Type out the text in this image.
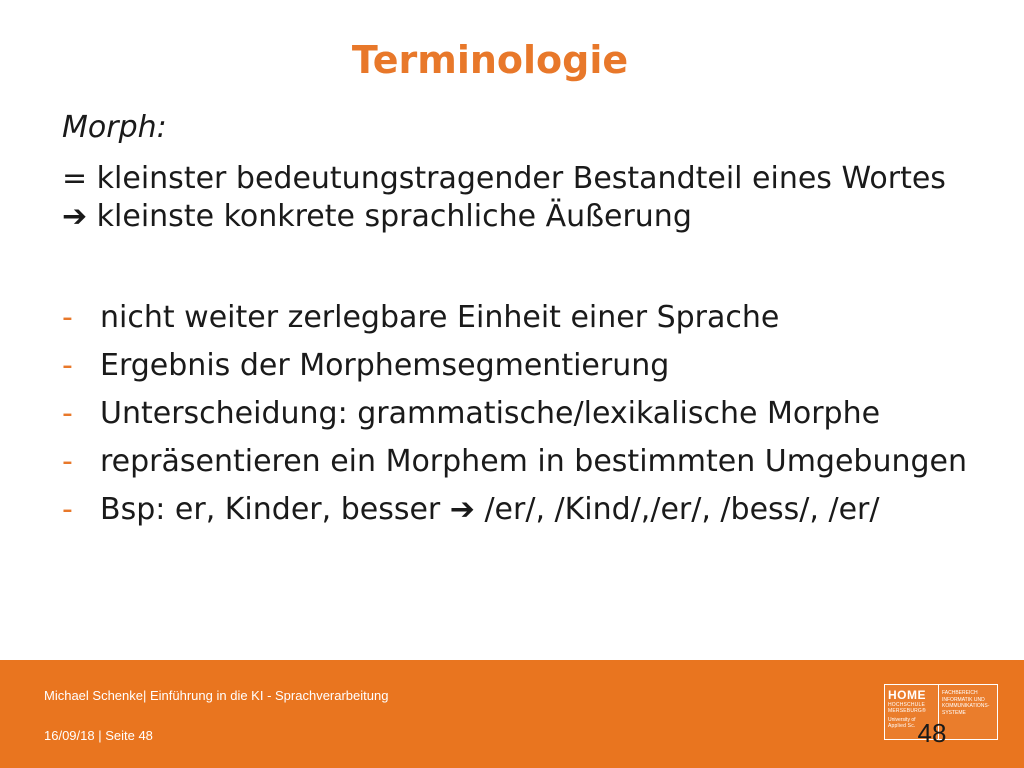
Terminologie
Morph:
= kleinster bedeutungstragender Bestandteil eines Wortes ➔ kleinste konkrete sprachliche Äußerung
- nicht weiter zerlegbare Einheit einer Sprache
- Ergebnis der Morphemsegmentierung
- Unterscheidung: grammatische/lexikalische Morphe
- repräsentieren ein Morphem in bestimmten Umgebungen
- Bsp: er, Kinder, besser ➔ /er/, /Kind/,/er/, /bess/, /er/
Michael Schenke| Einführung in die KI - Sprachverarbeitung
16/09/18 | Seite 48
HOME
HOCHSCHULE
MERSEBURG®
University of
Applied Sc.
FACHBEREICH
INFORMATIK UND
KOMMUNIKATIONS-
SYSTEME
48
